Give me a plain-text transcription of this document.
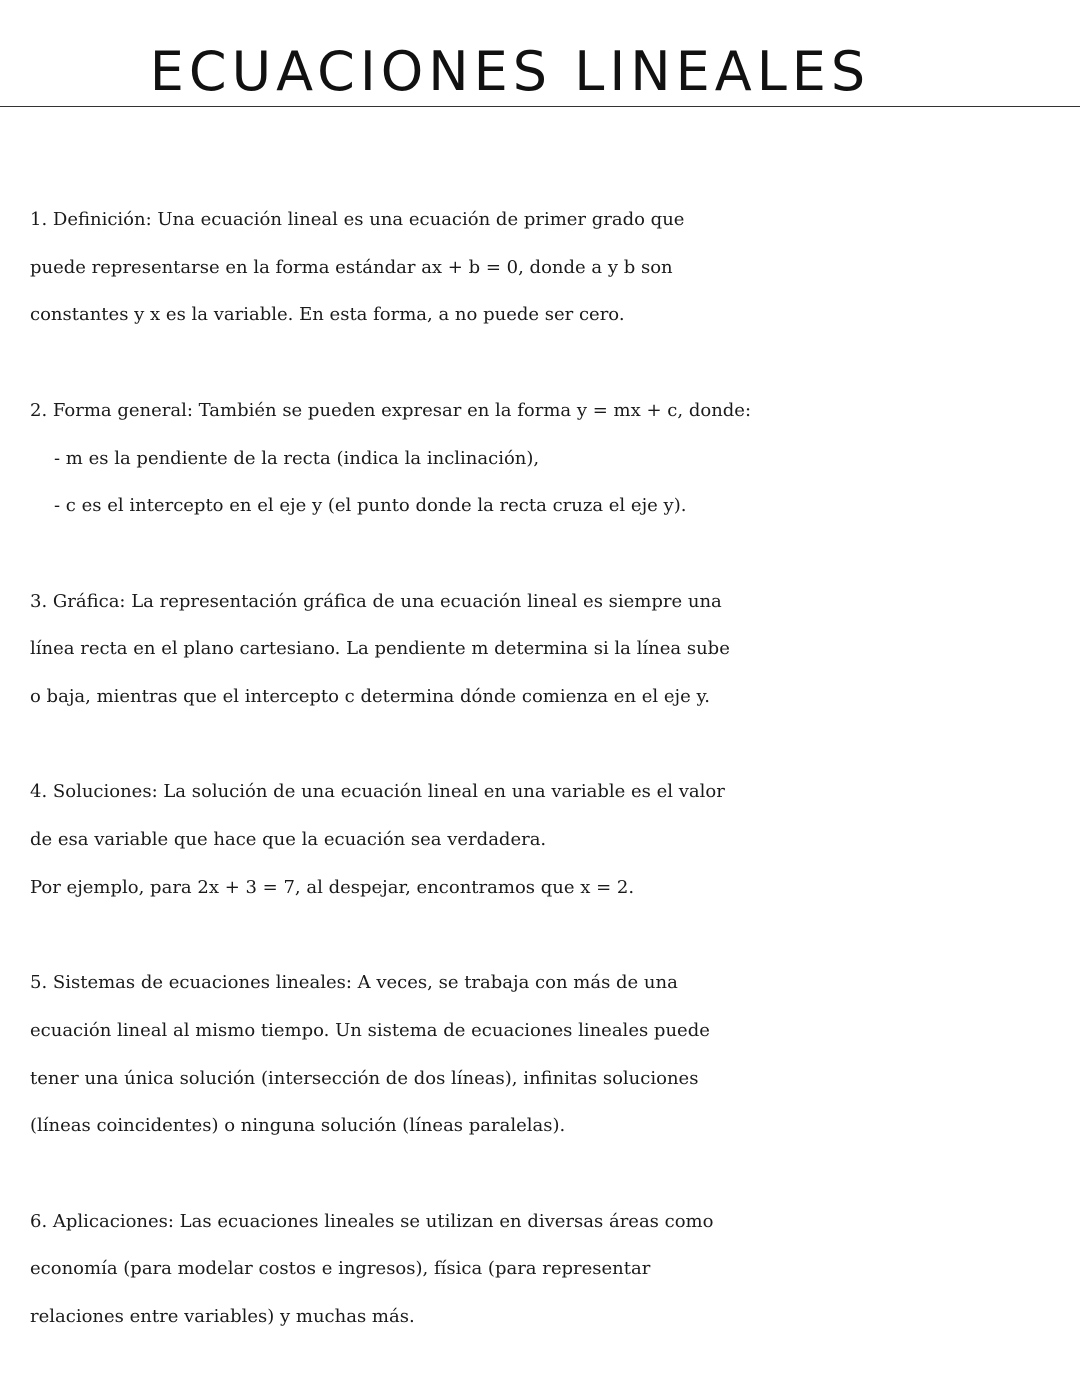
ECUACIONES LINEALES
1. Definición: Una ecuación lineal es una ecuación de primer grado que
puede representarse en la forma estándar ax + b = 0, donde a y b son
constantes y x es la variable. En esta forma, a no puede ser cero.
2. Forma general: También se pueden expresar en la forma y = mx + c, donde:
- m es la pendiente de la recta (indica la inclinación),
- c es el intercepto en el eje y (el punto donde la recta cruza el eje y).
3. Gráfica: La representación gráfica de una ecuación lineal es siempre una
línea recta en el plano cartesiano. La pendiente m determina si la línea sube
o baja, mientras que el intercepto c determina dónde comienza en el eje y.
4. Soluciones: La solución de una ecuación lineal en una variable es el valor
de esa variable que hace que la ecuación sea verdadera.
Por ejemplo, para 2x + 3 = 7, al despejar, encontramos que x = 2.
5. Sistemas de ecuaciones lineales: A veces, se trabaja con más de una
ecuación lineal al mismo tiempo. Un sistema de ecuaciones lineales puede
tener una única solución (intersección de dos líneas), infinitas soluciones
(líneas coincidentes) o ninguna solución (líneas paralelas).
6. Aplicaciones: Las ecuaciones lineales se utilizan en diversas áreas como
economía (para modelar costos e ingresos), física (para representar
relaciones entre variables) y muchas más.
